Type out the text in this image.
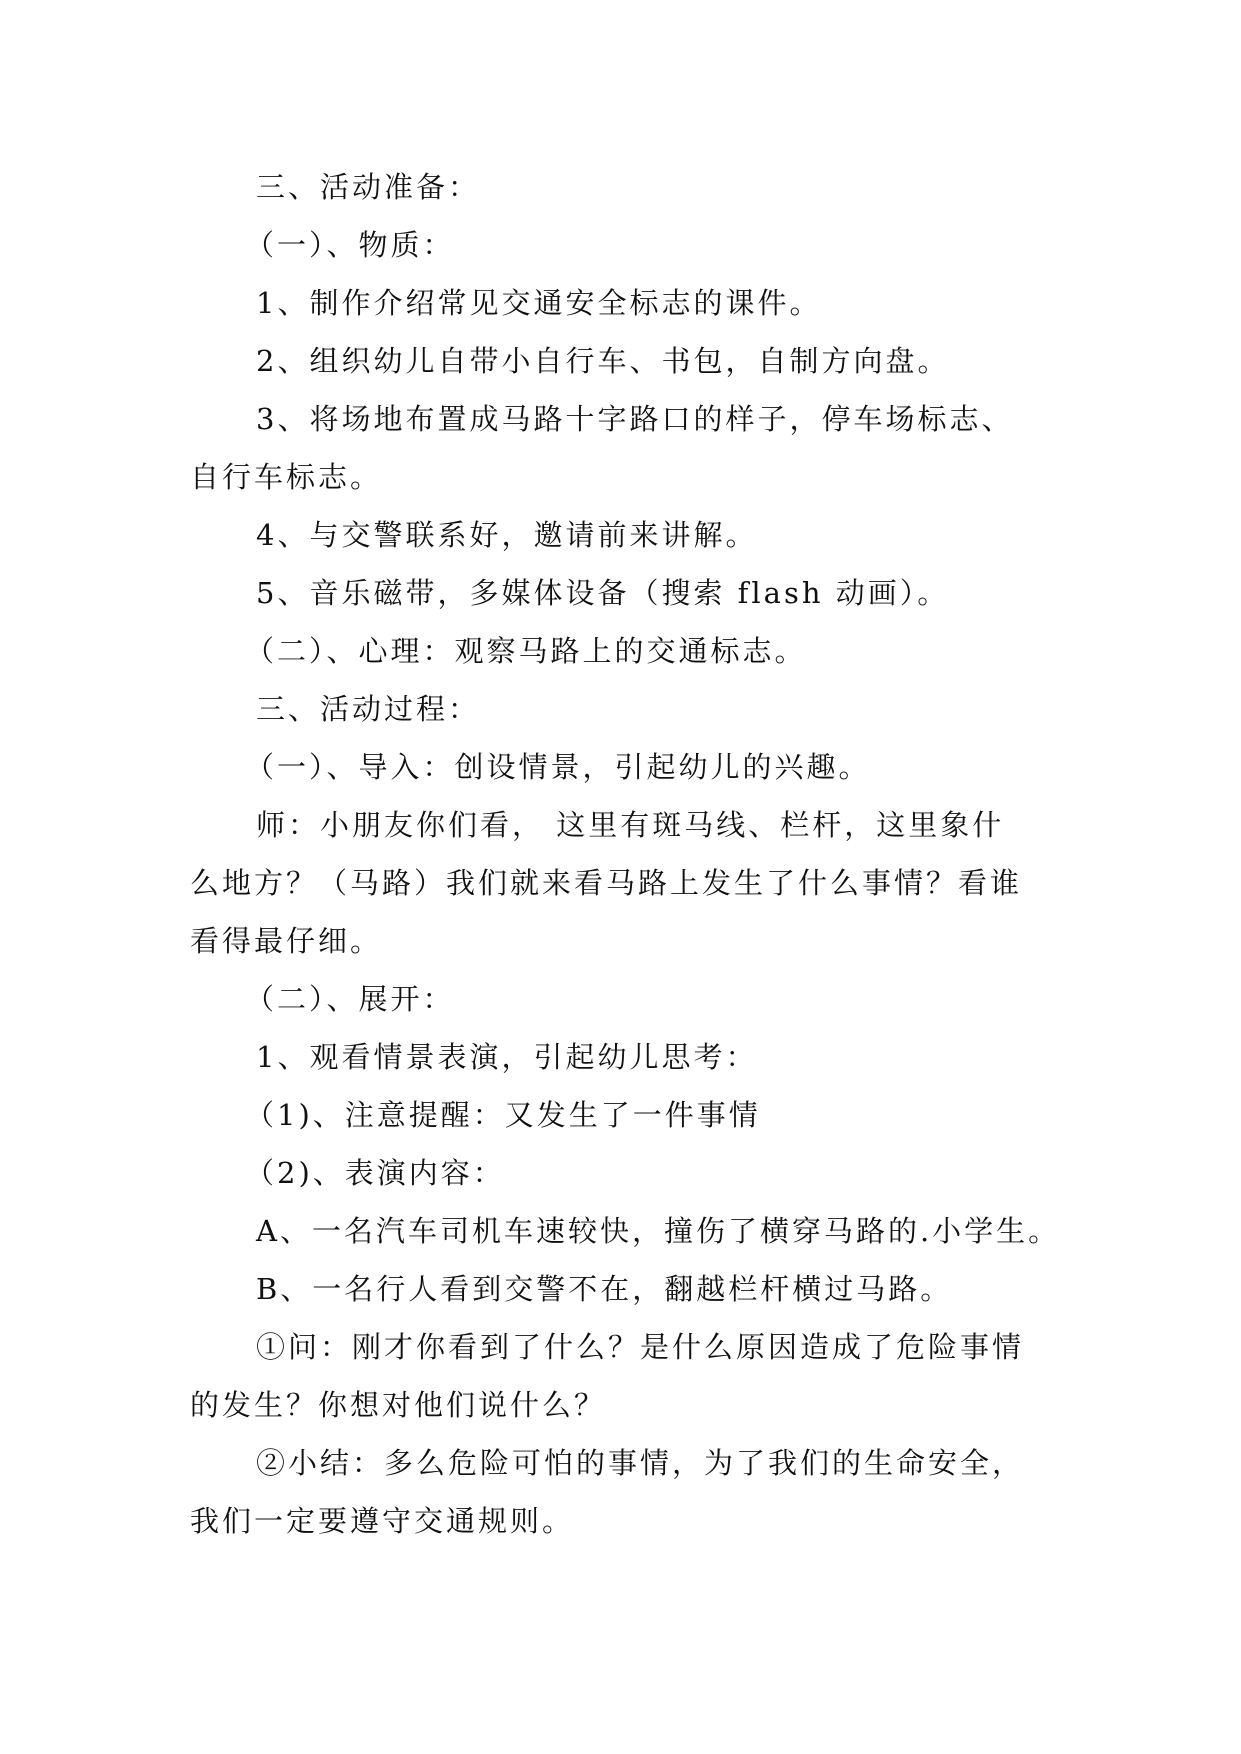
三、活动准备：
（一）、物质：
1、制作介绍常见交通安全标志的课件。
2、组织幼儿自带小自行车、书包，自制方向盘。
3、将场地布置成马路十字路口的样子，停车场标志、
自行车标志。
4、与交警联系好，邀请前来讲解。
5、音乐磁带，多媒体设备（搜索 flash 动画）。
（二）、心理：观察马路上的交通标志。
三、活动过程：
（一）、导入：创设情景，引起幼儿的兴趣。
师：小朋友你们看， 这里有斑马线、栏杆，这里象什
么地方？（马路）我们就来看马路上发生了什么事情？看谁
看得最仔细。
（二）、展开：
1、观看情景表演，引起幼儿思考：
（1)、注意提醒：又发生了一件事情
（2)、表演内容：
A、一名汽车司机车速较快，撞伤了横穿马路的.小学生。
B、一名行人看到交警不在，翻越栏杆横过马路。
①问：刚才你看到了什么？是什么原因造成了危险事情
的发生？你想对他们说什么？
②小结：多么危险可怕的事情，为了我们的生命安全，
我们一定要遵守交通规则。
